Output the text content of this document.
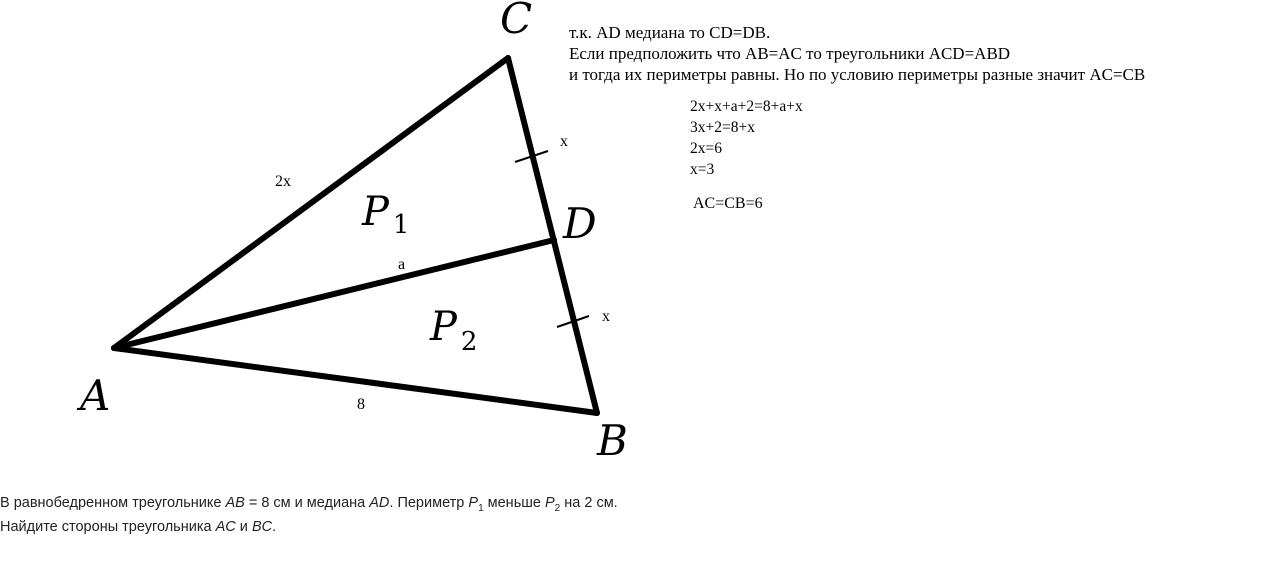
C
D
A
B
P 1
P 2
2x
a
8
x
x
т.к. AD медиана то CD=DB.
Если предположить что AB=AC то треугольники ACD=ABD
и тогда их периметры равны. Но по условию периметры разные значит AC=CB
2x+x+a+2=8+a+x
3x+2=8+x
2x=6
x=3
AC=CB=6
В равнобедренном треугольнике AB = 8 см и медиана AD. Периметр $P_1$ меньше $P_2$ на 2 см.
Найдите стороны треугольника AC и BC.
